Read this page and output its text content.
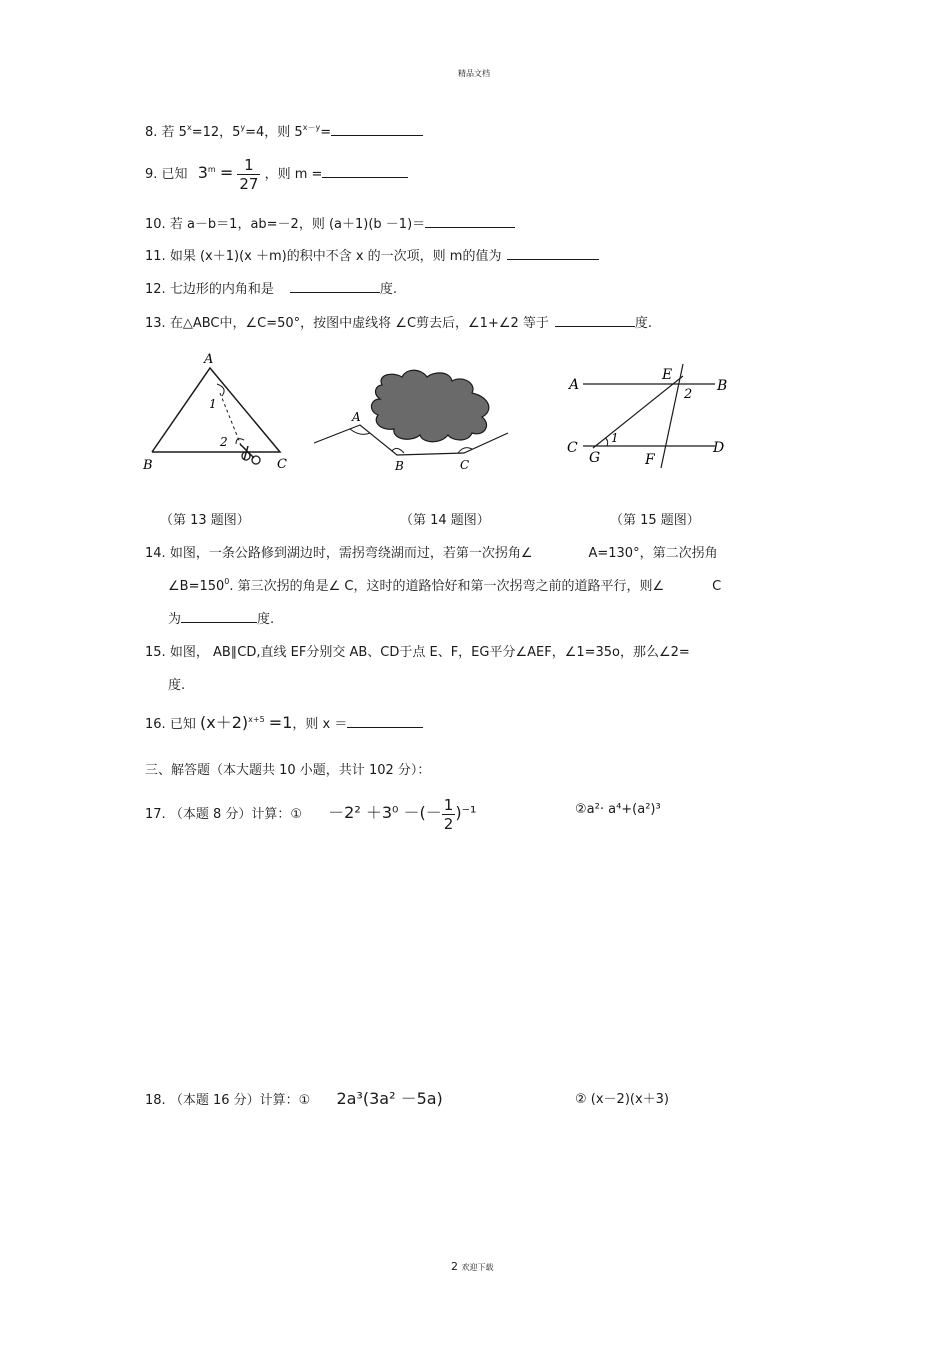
精品文档
8. 若 $5^x=12$，$5^y=4$，则 $5^{x-y}=$
9. 已知 $3^m = \frac{1}{27}$ ，则 m =
10. 若 a－b＝1，ab=－2，则 (a＋1)(b －1)＝
11. 如果 (x＋1)(x ＋m)的积中不含 x 的一次项，则 m的值为
12. 七边形的内角和是	度.
13. 在△ABC中，∠C=50°，按图中虚线将 ∠C剪去后，∠1+∠2 等于	度.
A
B	C
1
2
A
B	C
A	B
E
2
C	D
G
1
F
（第 13 题图）	（第 14 题图）	（第 15 题图）
14. 如图，一条公路修到湖边时，需拐弯绕湖而过，若第一次拐角∠	A=130°，第二次拐角
$\angle B=150^0$. 第三次拐的角是∠ C，这时的道路恰好和第一次拐弯之前的道路平行，则∠	C
为	度.
15. 如图， AB∥CD,直线 EF分别交 AB、CD于点 E、F，EG平分∠AEF，∠1=35o，那么∠2=
度.
16. 已知 $(x+2)^{x+5} =1$，则 x ＝
三、解答题（本大题共 10 小题，共计 102 分）：
17. （本题 8 分）计算：① －2² ＋3⁰ －(－ $\frac{1}{2} )^{-1}$	②a²· a⁴+(a²)³
18. （本题 16 分）计算：① 2a³(3a² －5a)	② (x－2)(x＋3)
2 欢迎下载
